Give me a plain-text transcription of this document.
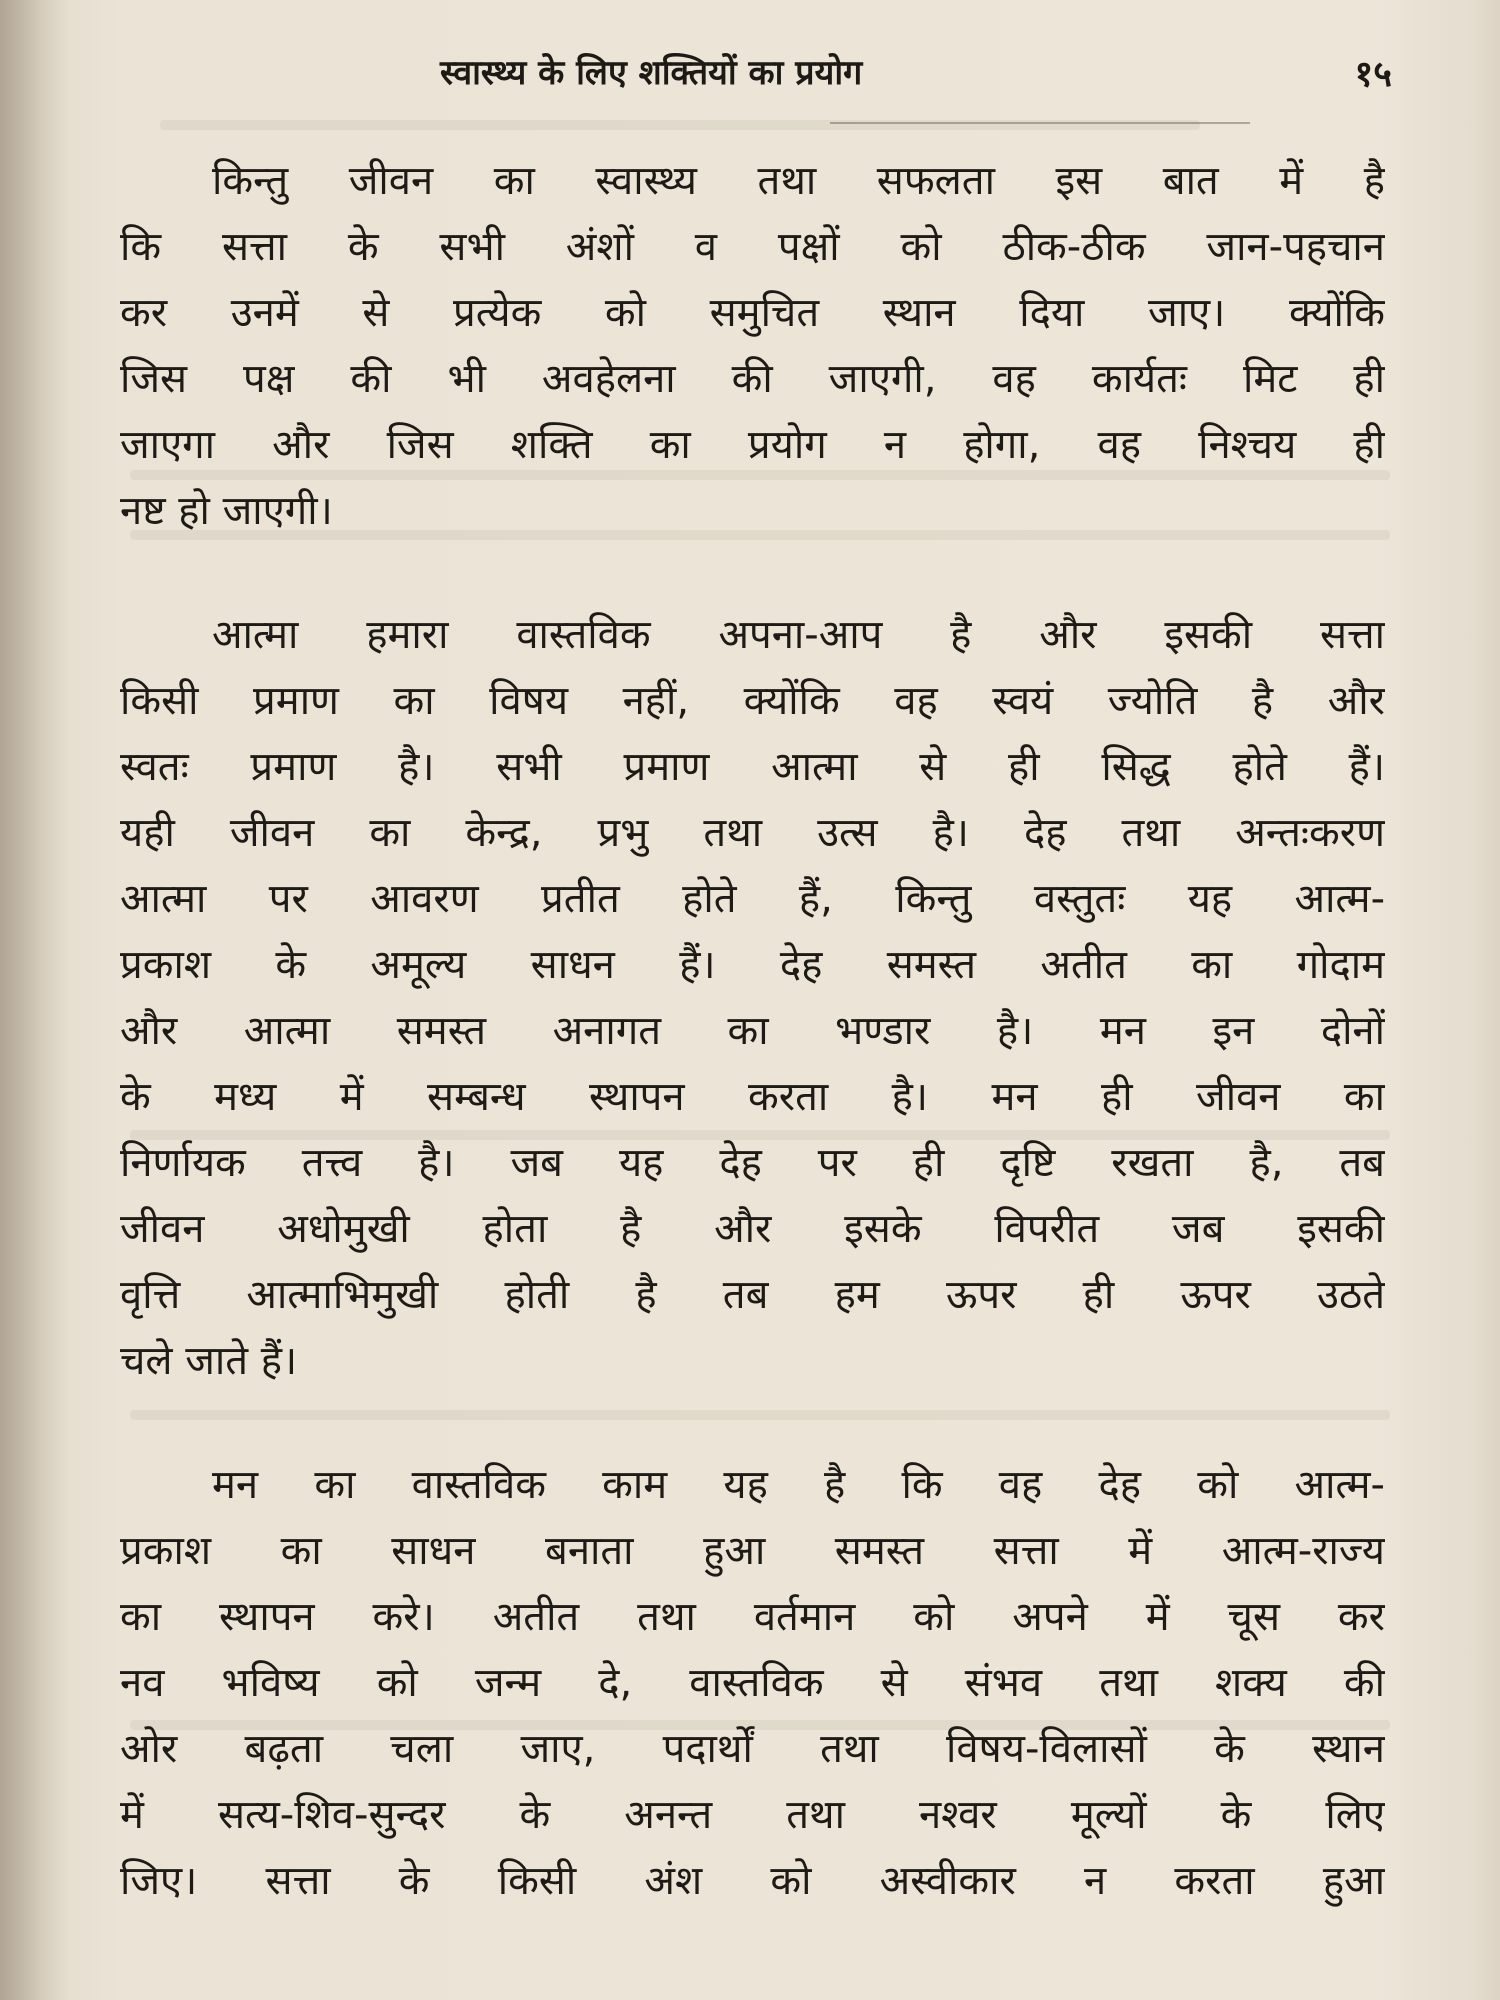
स्वास्थ्य के लिए शक्तियों का प्रयोग	१५
किन्तु जीवन का स्वास्थ्य तथा सफलता इस बात में है
कि सत्ता के सभी अंशों व पक्षों को ठीक-ठीक जान-पहचान
कर उनमें से प्रत्येक को समुचित स्थान दिया जाए। क्योंकि
जिस पक्ष की भी अवहेलना की जाएगी, वह कार्यतः मिट ही
जाएगा और जिस शक्ति का प्रयोग न होगा, वह निश्चय ही
नष्ट हो जाएगी।
आत्मा हमारा वास्तविक अपना-आप है और इसकी सत्ता
किसी प्रमाण का विषय नहीं, क्योंकि वह स्वयं ज्योति है और
स्वतः प्रमाण है। सभी प्रमाण आत्मा से ही सिद्ध होते हैं।
यही जीवन का केन्द्र, प्रभु तथा उत्स है। देह तथा अन्तःकरण
आत्मा पर आवरण प्रतीत होते हैं, किन्तु वस्तुतः यह आत्म-
प्रकाश के अमूल्य साधन हैं। देह समस्त अतीत का गोदाम
और आत्मा समस्त अनागत का भण्डार है। मन इन दोनों
के मध्य में सम्बन्ध स्थापन करता है। मन ही जीवन का
निर्णायक तत्त्व है। जब यह देह पर ही दृष्टि रखता है, तब
जीवन अधोमुखी होता है और इसके विपरीत जब इसकी
वृत्ति आत्माभिमुखी होती है तब हम ऊपर ही ऊपर उठते
चले जाते हैं।
मन का वास्तविक काम यह है कि वह देह को आत्म-
प्रकाश का साधन बनाता हुआ समस्त सत्ता में आत्म-राज्य
का स्थापन करे। अतीत तथा वर्तमान को अपने में चूस कर
नव भविष्य को जन्म दे, वास्तविक से संभव तथा शक्य की
ओर बढ़ता चला जाए, पदार्थों तथा विषय-विलासों के स्थान
में सत्य-शिव-सुन्दर के अनन्त तथा नश्वर मूल्यों के लिए
जिए। सत्ता के किसी अंश को अस्वीकार न करता हुआ
